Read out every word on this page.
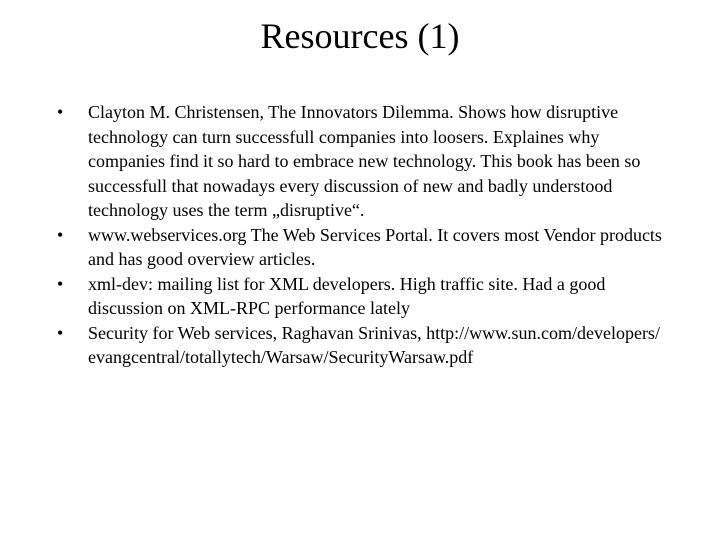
Resources (1)
• Clayton M. Christensen, The Innovators Dilemma. Shows how disruptive technology can turn successfull companies into loosers. Explaines why companies find it so hard to embrace new technology. This book has been so successfull that nowadays every discussion of new and badly understood technology uses the term „disruptive“.
• www.webservices.org The Web Services Portal. It covers most Vendor products and has good overview articles.
• xml-dev: mailing list for XML developers. High traffic site. Had a good discussion on XML-RPC performance lately
• Security for Web services, Raghavan Srinivas, http://www.sun.com/developers/evangcentral/totallytech/Warsaw/SecurityWarsaw.pdf
